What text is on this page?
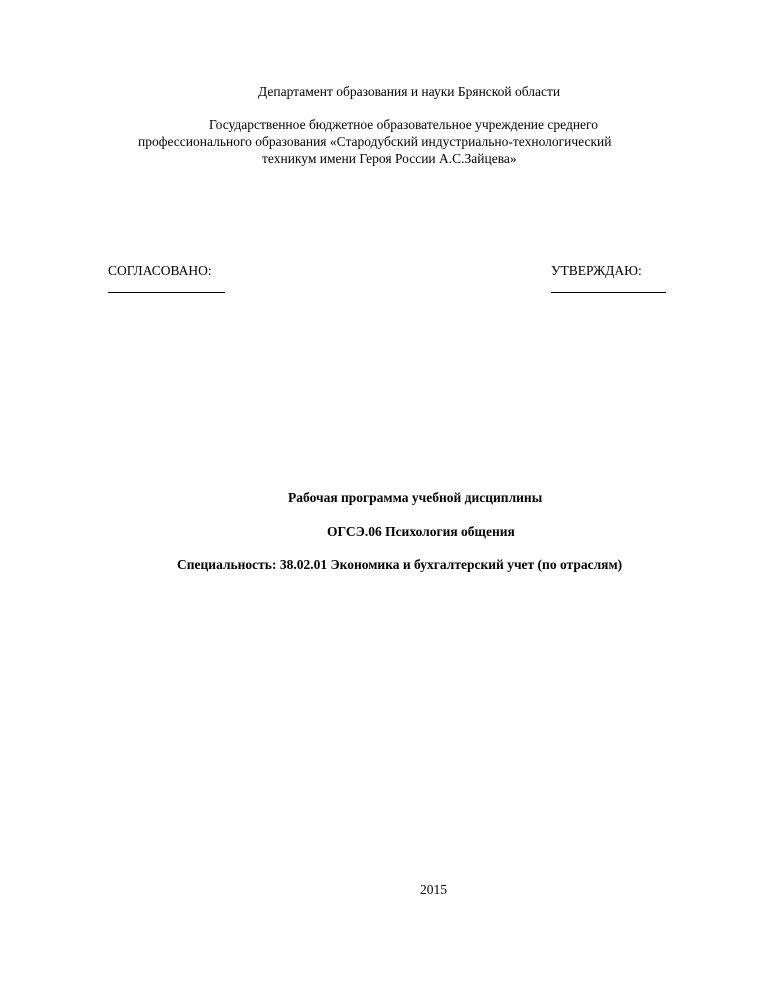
Департамент образования и науки Брянской области
Государственное бюджетное образовательное учреждение среднего
профессионального образования «Стародубский индустриально-технологический
техникум имени Героя России А.С.Зайцева»
СОГЛАСОВАНО:	УТВЕРЖДАЮ:
Рабочая программа учебной дисциплины
ОГСЭ.06 Психология общения
Специальность: 38.02.01 Экономика и бухгалтерский учет (по отраслям)
2015
